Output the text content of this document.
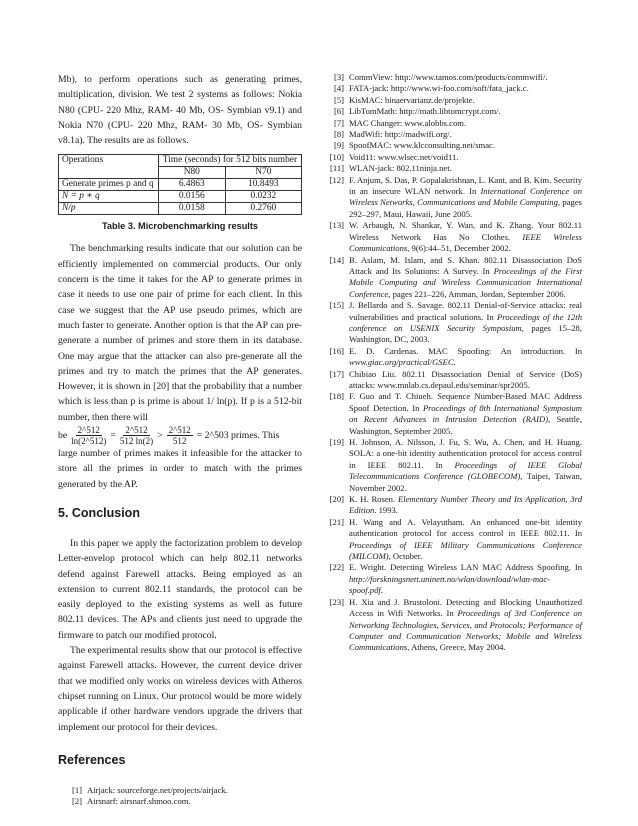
Mb), to perform operations such as generating primes, multiplication, division. We test 2 systems as follows: Nokia N80 (CPU- 220 Mhz, RAM- 40 Mb, OS- Symbian v9.1) and Nokia N70 (CPU- 220 Mhz, RAM- 30 Mb, OS- Symbian v8.1a). The results are as follows.

Operations	Time (seconds) for 512 bits number	
	N80	N70
Generate primes p and q	6.4863	10.8493
N = p ∗ q	0.0156	0.0232
N/p	0.0158	0.2760
Table 3. Microbenchmarking results

The benchmarking results indicate that our solution can be efficiently implemented on commercial products. Our only concern is the time it takes for the AP to generate primes in case it needs to use one pair of prime for each client. In this case we suggest that the AP use pseudo primes, which are much faster to generate. Another option is that the AP can pre-generate a number of primes and store them in its database. One may argue that the attacker can also pre-generate all the primes and try to match the primes that the AP generates. However, it is shown in [20] that the probability that a number which is less than p is prime is about 1/ ln(p). If p is a 512-bit number, then there will

be $\frac{2\^{}512}{\ln(2\^{}512)} = \frac{2\^{}512}{512 \ln(2)} > \frac{2\^{}512}{512}$ = 2^503 primes. This

large number of primes makes it infeasible for the attacker to store all the primes in order to match with the primes generated by the AP.

5. Conclusion

In this paper we apply the factorization problem to develop Letter-envelop protocol which can help 802.11 networks defend against Farewell attacks. Being employed as an extension to current 802.11 standards, the protocol can be easily deployed to the existing systems as well as future 802.11 devices. The APs and clients just need to upgrade the firmware to patch our modified protocol.

The experimental results show that our protocol is effective against Farewell attacks. However, the current device driver that we modified only works on wireless devices with Atheros chipset running on Linux. Our protocol would be more widely applicable if other hardware vendors upgrade the drivers that implement our protocol for their devices.

References
[1] Airjack: sourceforge.net/projects/airjack.
[2] Airsnarf: airsnarf.shmoo.com.
[3] CommView: http://www.tamos.com/products/commwifi/.
[4] FATA-jack: http://www.wi-foo.com/soft/fata_jack.c.
[5] KisMAC: binaervarianz.de/projekte.
[6] LibTomMath: http://math.libtomcrypt.com/.
[7] MAC Changer: www.alobbs.com.
[8] MadWifi: http://madwifi.org/.
[9] SpoofMAC: www.klcconsulting.net/smac.
[10] Void11: www.wlsec.net/void11.
[11] WLAN-jack: 802.11ninja.net.
[12] F. Anjum, S. Das, P. Gopalakrishnan, L. Kant, and B. Kim. Security in an insecure WLAN network. In International Conference on Wireless Networks, Communications and Mobile Computing, pages 292–297, Maui, Hawaii, June 2005.
[13] W. Arbaugh, N. Shankar, Y. Wan, and K. Zhang. Your 802.11 Wireless Network Has No Clothes. IEEE Wireless Communications, 9(6):44–51, December 2002.
[14] B. Aslam, M. Islam, and S. Khan. 802.11 Disassociation DoS Attack and Its Solutions: A Survey. In Proceedings of the First Mobile Computing and Wireless Communication International Conference, pages 221–226, Amman, Jordan, September 2006.
[15] J. Bellardo and S. Savage. 802.11 Denial-of-Service attacks: real vulnerabilities and practical solutions. In Proceedings of the 12th conference on USENIX Security Symposium, pages 15–28, Washington, DC, 2003.
[16] E. D. Cardenas. MAC Spoofing: An introduction. In www.giac.org/practical/GSEC.
[17] Chibiao Liu. 802.11 Disassociation Denial of Service (DoS) attacks: www.mnlab.cs.depaul.edu/seminar/spr2005.
[18] F. Guo and T. Chiueh. Sequence Number-Based MAC Address Spoof Detection. In Proceedings of 8th International Symposium on Recent Advances in Intrusion Detection (RAID), Seattle, Washington, September 2005.
[19] H. Johnson, A. Nilsson, J. Fu, S. Wu, A. Chen, and H. Huang. SOLA: a one-bit identity authentication protocol for access control in IEEE 802.11. In Proceedings of IEEE Global Telecommunications Conference (GLOBECOM), Taipei, Taiwan, November 2002.
[20] K. H. Rosen. Elementary Number Theory and Its Application, 3rd Edition. 1993.
[21] H. Wang and A. Velayutham. An enhanced one-bit identity authentication protocol for access control in IEEE 802.11. In Proceedings of IEEE Military Communications Conference (MILCOM), October.
[22] E. Wright. Detecting Wireless LAN MAC Address Spoofing. In http://forskningsnett.uninett.no/wlan/download/wlan-mac-spoof.pdf.
[23] H. Xia and J. Brustoloni. Detecting and Blocking Unauthorized Access in Wifi Networks. In Proceedings of 3rd Conference on Networking Technologies, Services, and Protocols; Performance of Computer and Communication Networks; Mobile and Wireless Communications, Athens, Greece, May 2004.
